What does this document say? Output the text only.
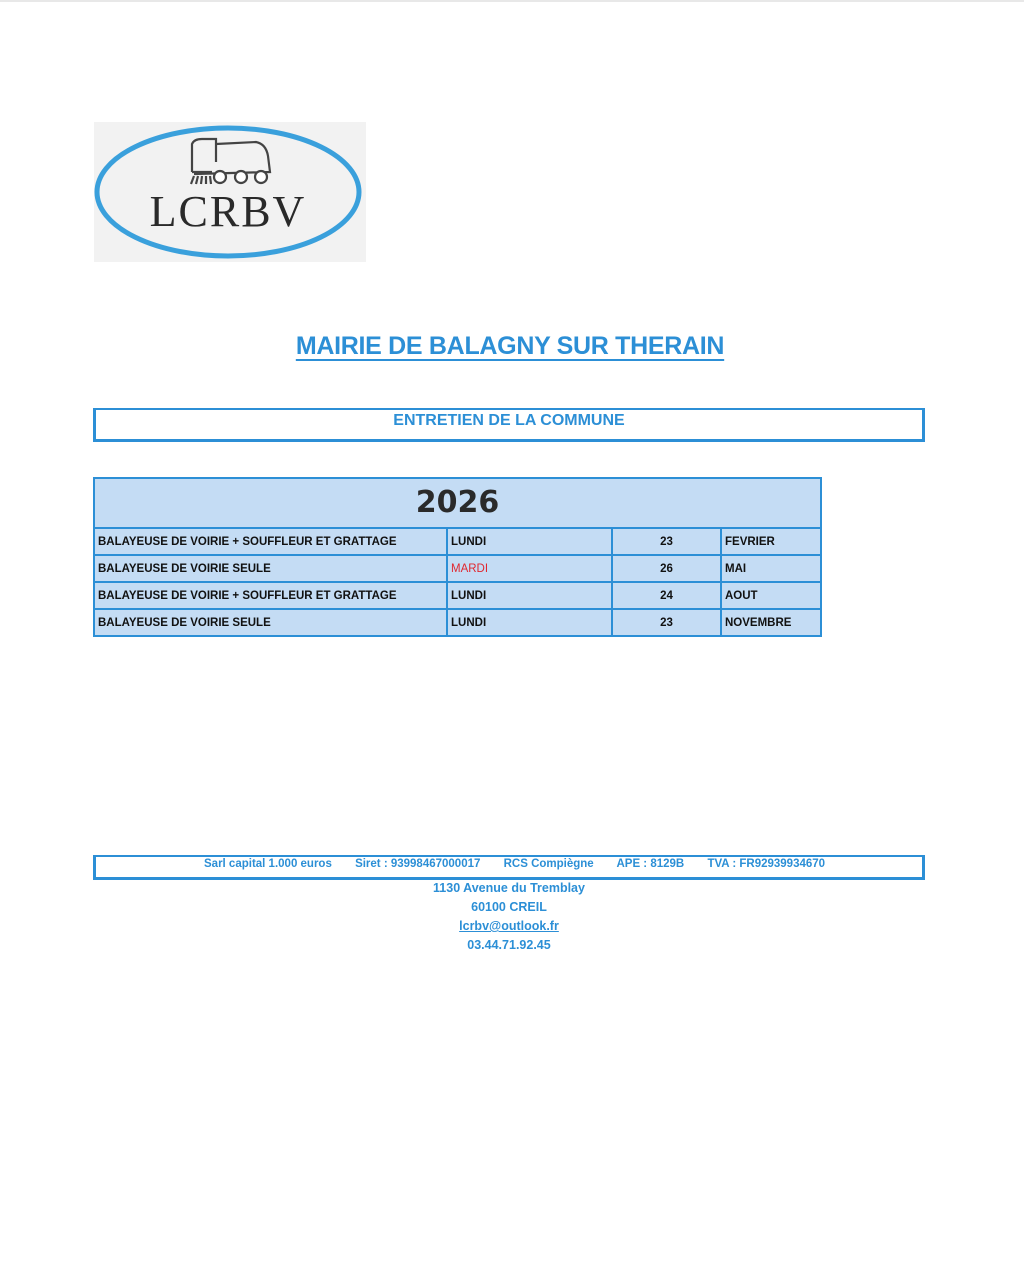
LCRBV
MAIRIE DE BALAGNY SUR THERAIN
ENTRETIEN DE LA COMMUNE
2026
BALAYEUSE DE VOIRIE + SOUFFLEUR ET GRATTAGE	LUNDI	23	FEVRIER
BALAYEUSE DE VOIRIE SEULE	MARDI	26	MAI
BALAYEUSE DE VOIRIE + SOUFFLEUR ET GRATTAGE	LUNDI	24	AOUT
BALAYEUSE DE VOIRIE SEULE	LUNDI	23	NOVEMBRE
Sarl capital 1.000 euros Siret : 93998467000017 RCS Compiègne APE : 8129B TVA : FR92939934670
1130 Avenue du Tremblay
60100 CREIL
lcrbv@outlook.fr
03.44.71.92.45
